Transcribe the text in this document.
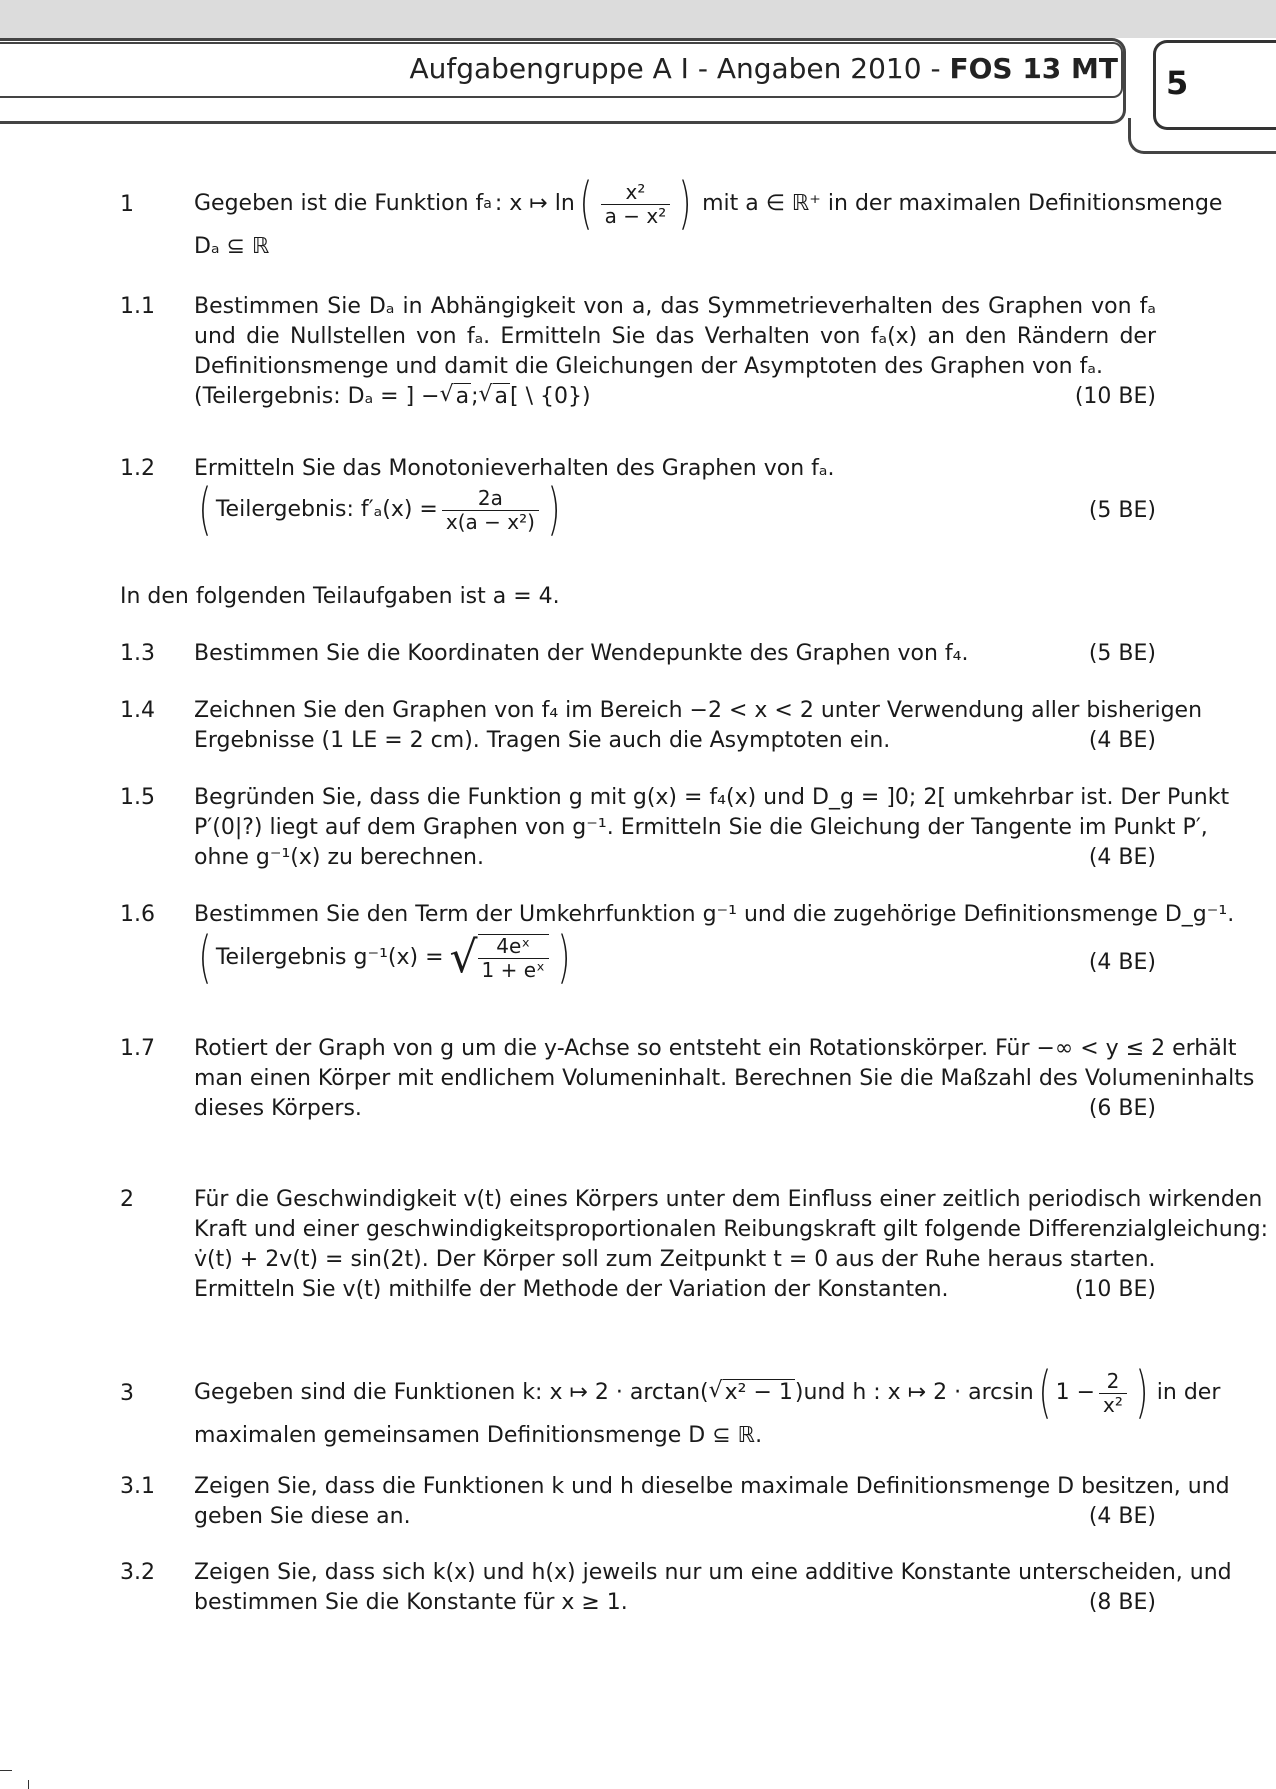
Aufgabengruppe A I - Angaben 2010 - FOS 13 MT 5
1	Gegeben ist die Funktion f a : x ↦ ln ( $\frac{\text{x²}}{\text{a − x²}}$ ) mit a ∈ ℝ⁺ in der maximalen Definitionsmenge
Dₐ ⊆ ℝ
1.1 Bestimmen Sie Dₐ in Abhängigkeit von a, das Symmetrieverhalten des Graphen von fₐ und die Nullstellen von fₐ. Ermitteln Sie das Verhalten von fₐ(x) an den Rändern der Definitionsmenge und damit die Gleichungen der Asymptoten des Graphen von fₐ.
(Teilergebnis: Dₐ = ] − √ a ; √ a [ \ {0})	(10 BE)
1.2 Ermitteln Sie das Monotonieverhalten des Graphen von fₐ.
( Teilergebnis: $f'_a(x) = \frac{2a}{\text{x(a − x²)}}$ )	(5 BE)
In den folgenden Teilaufgaben ist a = 4.
1.3 Bestimmen Sie die Koordinaten der Wendepunkte des Graphen von f₄.	(5 BE)
1.4 Zeichnen Sie den Graphen von f₄ im Bereich −2 < x < 2 unter Verwendung aller bisherigen
Ergebnisse (1 LE = 2 cm). Tragen Sie auch die Asymptoten ein.	(4 BE)
1.5 Begründen Sie, dass die Funktion g mit g(x) = f₄(x) und D_g = ]0; 2[ umkehrbar ist. Der Punkt
P′(0|?) liegt auf dem Graphen von g⁻¹. Ermitteln Sie die Gleichung der Tangente im Punkt P′,
ohne g⁻¹(x) zu berechnen.	(4 BE)
1.6 Bestimmen Sie den Term der Umkehrfunktion g⁻¹ und die zugehörige Definitionsmenge D_g⁻¹.
( Teilergebnis g⁻¹(x) = √ $\frac{\text{4eˣ}}{\text{1 + eˣ}}$ )	(4 BE)
1.7 Rotiert der Graph von g um die y-Achse so entsteht ein Rotationskörper. Für −∞ < y ≤ 2 erhält
man einen Körper mit endlichem Volumeninhalt. Berechnen Sie die Maßzahl des Volumeninhalts
dieses Körpers.	(6 BE)
2	Für die Geschwindigkeit v(t) eines Körpers unter dem Einfluss einer zeitlich periodisch wirkenden
Kraft und einer geschwindigkeitsproportionalen Reibungskraft gilt folgende Differenzialgleichung:
v̇(t) + 2v(t) = sin(2t). Der Körper soll zum Zeitpunkt t = 0 aus der Ruhe heraus starten.
Ermitteln Sie v(t) mithilfe der Methode der Variation der Konstanten.	(10 BE)
3	Gegeben sind die Funktionen k: x ↦ 2 · arctan( √ x² − 1 )und h : x ↦ 2 · arcsin ( $1 - \frac{2}{\text{x²}}$ ) in der
maximalen gemeinsamen Definitionsmenge D ⊆ ℝ.
3.1 Zeigen Sie, dass die Funktionen k und h dieselbe maximale Definitionsmenge D besitzen, und
geben Sie diese an.	(4 BE)
3.2 Zeigen Sie, dass sich k(x) und h(x) jeweils nur um eine additive Konstante unterscheiden, und
bestimmen Sie die Konstante für x ≥ 1.	(8 BE)
